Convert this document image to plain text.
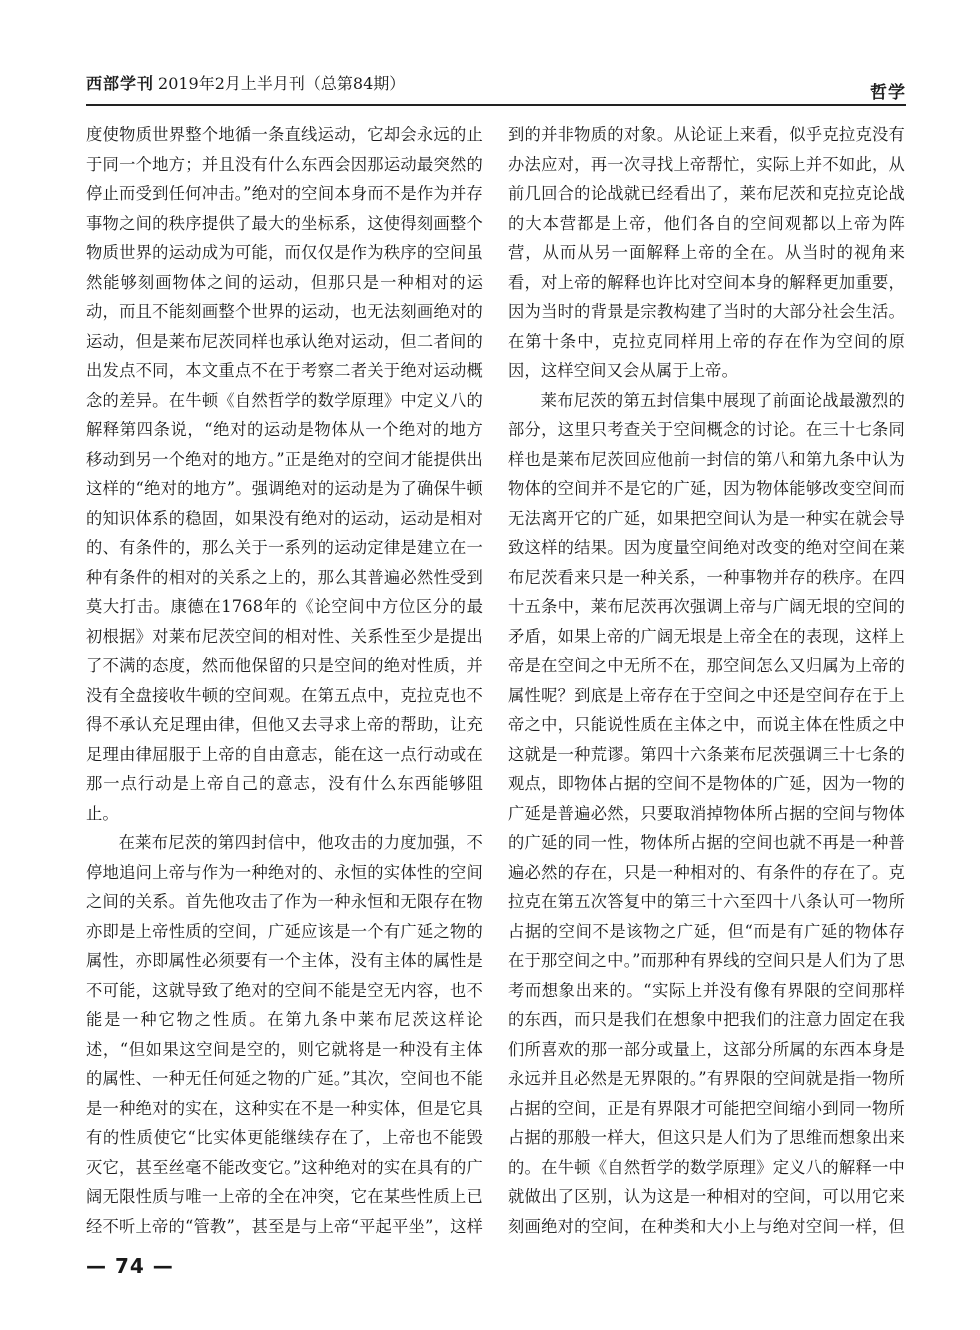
西部学刊 2019年2月上半月刊（总第84期）	哲学

度使物质世界整个地循一条直线运动，它却会永远的止于同一个地方；并且没有什么东西会因那运动最突然的停止而受到任何冲击。”绝对的空间本身而不是作为并存事物之间的秩序提供了最大的坐标系，这使得刻画整个物质世界的运动成为可能，而仅仅是作为秩序的空间虽然能够刻画物体之间的运动，但那只是一种相对的运动，而且不能刻画整个世界的运动，也无法刻画绝对的运动，但是莱布尼茨同样也承认绝对运动，但二者间的出发点不同，本文重点不在于考察二者关于绝对运动概念的差异。在牛顿《自然哲学的数学原理》中定义八的解释第四条说，“绝对的运动是物体从一个绝对的地方移动到另一个绝对的地方。”正是绝对的空间才能提供出这样的“绝对的地方”。强调绝对的运动是为了确保牛顿的知识体系的稳固，如果没有绝对的运动，运动是相对的、有条件的，那么关于一系列的运动定律是建立在一种有条件的相对的关系之上的，那么其普遍必然性受到莫大打击。康德在1768年的《论空间中方位区分的最初根据》对莱布尼茨空间的相对性、关系性至少是提出了不满的态度，然而他保留的只是空间的绝对性质，并没有全盘接收牛顿的空间观。在第五点中，克拉克也不得不承认充足理由律，但他又去寻求上帝的帮助，让充足理由律屈服于上帝的自由意志，能在这一点行动或在那一点行动是上帝自己的意志，没有什么东西能够阻止。

在莱布尼茨的第四封信中，他攻击的力度加强，不停地追问上帝与作为一种绝对的、永恒的实体性的空间之间的关系。首先他攻击了作为一种永恒和无限存在物亦即是上帝性质的空间，广延应该是一个有广延之物的属性，亦即属性必须要有一个主体，没有主体的属性是不可能，这就导致了绝对的空间不能是空无内容，也不能是一种它物之性质。在第九条中莱布尼茨这样论述，“但如果这空间是空的，则它就将是一种没有主体的属性、一种无任何延之物的广延。”其次，空间也不能是一种绝对的实在，这种实在不是一种实体，但是它具有的性质使它“比实体更能继续存在了，上帝也不能毁灭它，甚至丝毫不能改变它。”这种绝对的实在具有的广阔无限性质与唯一上帝的全在冲突，它在某些性质上已经不听上帝的“管教”，甚至是与上帝“平起平坐”，这样

到的并非物质的对象。从论证上来看，似乎克拉克没有办法应对，再一次寻找上帝帮忙，实际上并不如此，从前几回合的论战就已经看出了，莱布尼茨和克拉克论战的大本营都是上帝，他们各自的空间观都以上帝为阵营，从而从另一面解释上帝的全在。从当时的视角来看，对上帝的解释也许比对空间本身的解释更加重要，因为当时的背景是宗教构建了当时的大部分社会生活。在第十条中，克拉克同样用上帝的存在作为空间的原因，这样空间又会从属于上帝。

莱布尼茨的第五封信集中展现了前面论战最激烈的部分，这里只考查关于空间概念的讨论。在三十七条同样也是莱布尼茨回应他前一封信的第八和第九条中认为物体的空间并不是它的广延，因为物体能够改变空间而无法离开它的广延，如果把空间认为是一种实在就会导致这样的结果。因为度量空间绝对改变的绝对空间在莱布尼茨看来只是一种关系，一种事物并存的秩序。在四十五条中，莱布尼茨再次强调上帝与广阔无垠的空间的矛盾，如果上帝的广阔无垠是上帝全在的表现，这样上帝是在空间之中无所不在，那空间怎么又归属为上帝的属性呢？到底是上帝存在于空间之中还是空间存在于上帝之中，只能说性质在主体之中，而说主体在性质之中这就是一种荒谬。第四十六条莱布尼茨强调三十七条的观点，即物体占据的空间不是物体的广延，因为一物的广延是普遍必然，只要取消掉物体所占据的空间与物体的广延的同一性，物体所占据的空间也就不再是一种普遍必然的存在，只是一种相对的、有条件的存在了。克拉克在第五次答复中的第三十六至四十八条认可一物所占据的空间不是该物之广延，但“而是有广延的物体存在于那空间之中。”而那种有界线的空间只是人们为了思考而想象出来的。“实际上并没有像有界限的空间那样的东西，而只是我们在想象中把我们的注意力固定在我们所喜欢的那一部分或量上，这部分所属的东西本身是永远并且必然是无界限的。”有界限的空间就是指一物所占据的空间，正是有界限才可能把空间缩小到同一物所占据的那般一样大，但这只是人们为了思维而想象出来的。在牛顿《自然哲学的数学原理》定义八的解释一中就做出了区别，认为这是一种相对的空间，可以用它来刻画绝对的空间，在种类和大小上与绝对空间一样，但

— 74 —
